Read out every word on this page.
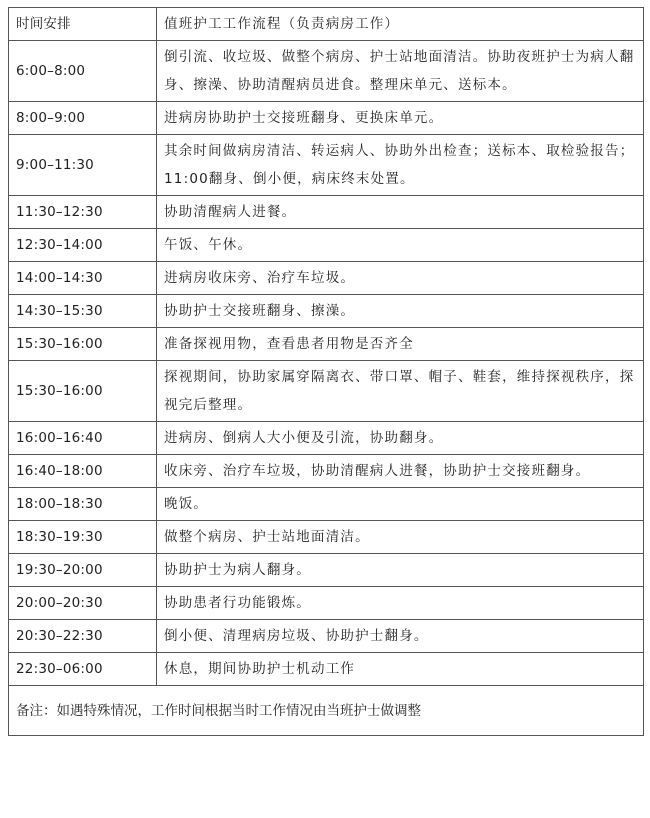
时间安排	值班护工工作流程（负责病房工作）
6:00–8:00	倒引流、收垃圾、做整个病房、护士站地面清洁。协助夜班护士为病人翻身、擦澡、协助清醒病员进食。整理床单元、送标本。
8:00–9:00	进病房协助护士交接班翻身、更换床单元。
9:00–11:30	其余时间做病房清洁、转运病人、协助外出检查；送标本、取检验报告；11:00翻身、倒小便，病床终末处置。
11:30–12:30	协助清醒病人进餐。
12:30–14:00	午饭、午休。
14:00–14:30	进病房收床旁、治疗车垃圾。
14:30–15:30	协助护士交接班翻身、擦澡。
15:30–16:00	准备探视用物，查看患者用物是否齐全
15:30–16:00	探视期间，协助家属穿隔离衣、带口罩、帽子、鞋套，维持探视秩序，探视完后整理。
16:00–16:40	进病房、倒病人大小便及引流，协助翻身。
16:40–18:00	收床旁、治疗车垃圾，协助清醒病人进餐，协助护士交接班翻身。
18:00–18:30	晚饭。
18:30–19:30	做整个病房、护士站地面清洁。
19:30–20:00	协助护士为病人翻身。
20:00–20:30	协助患者行功能锻炼。
20:30–22:30	倒小便、清理病房垃圾、协助护士翻身。
22:30–06:00	休息，期间协助护士机动工作
备注：如遇特殊情况，工作时间根据当时工作情况由当班护士做调整	
